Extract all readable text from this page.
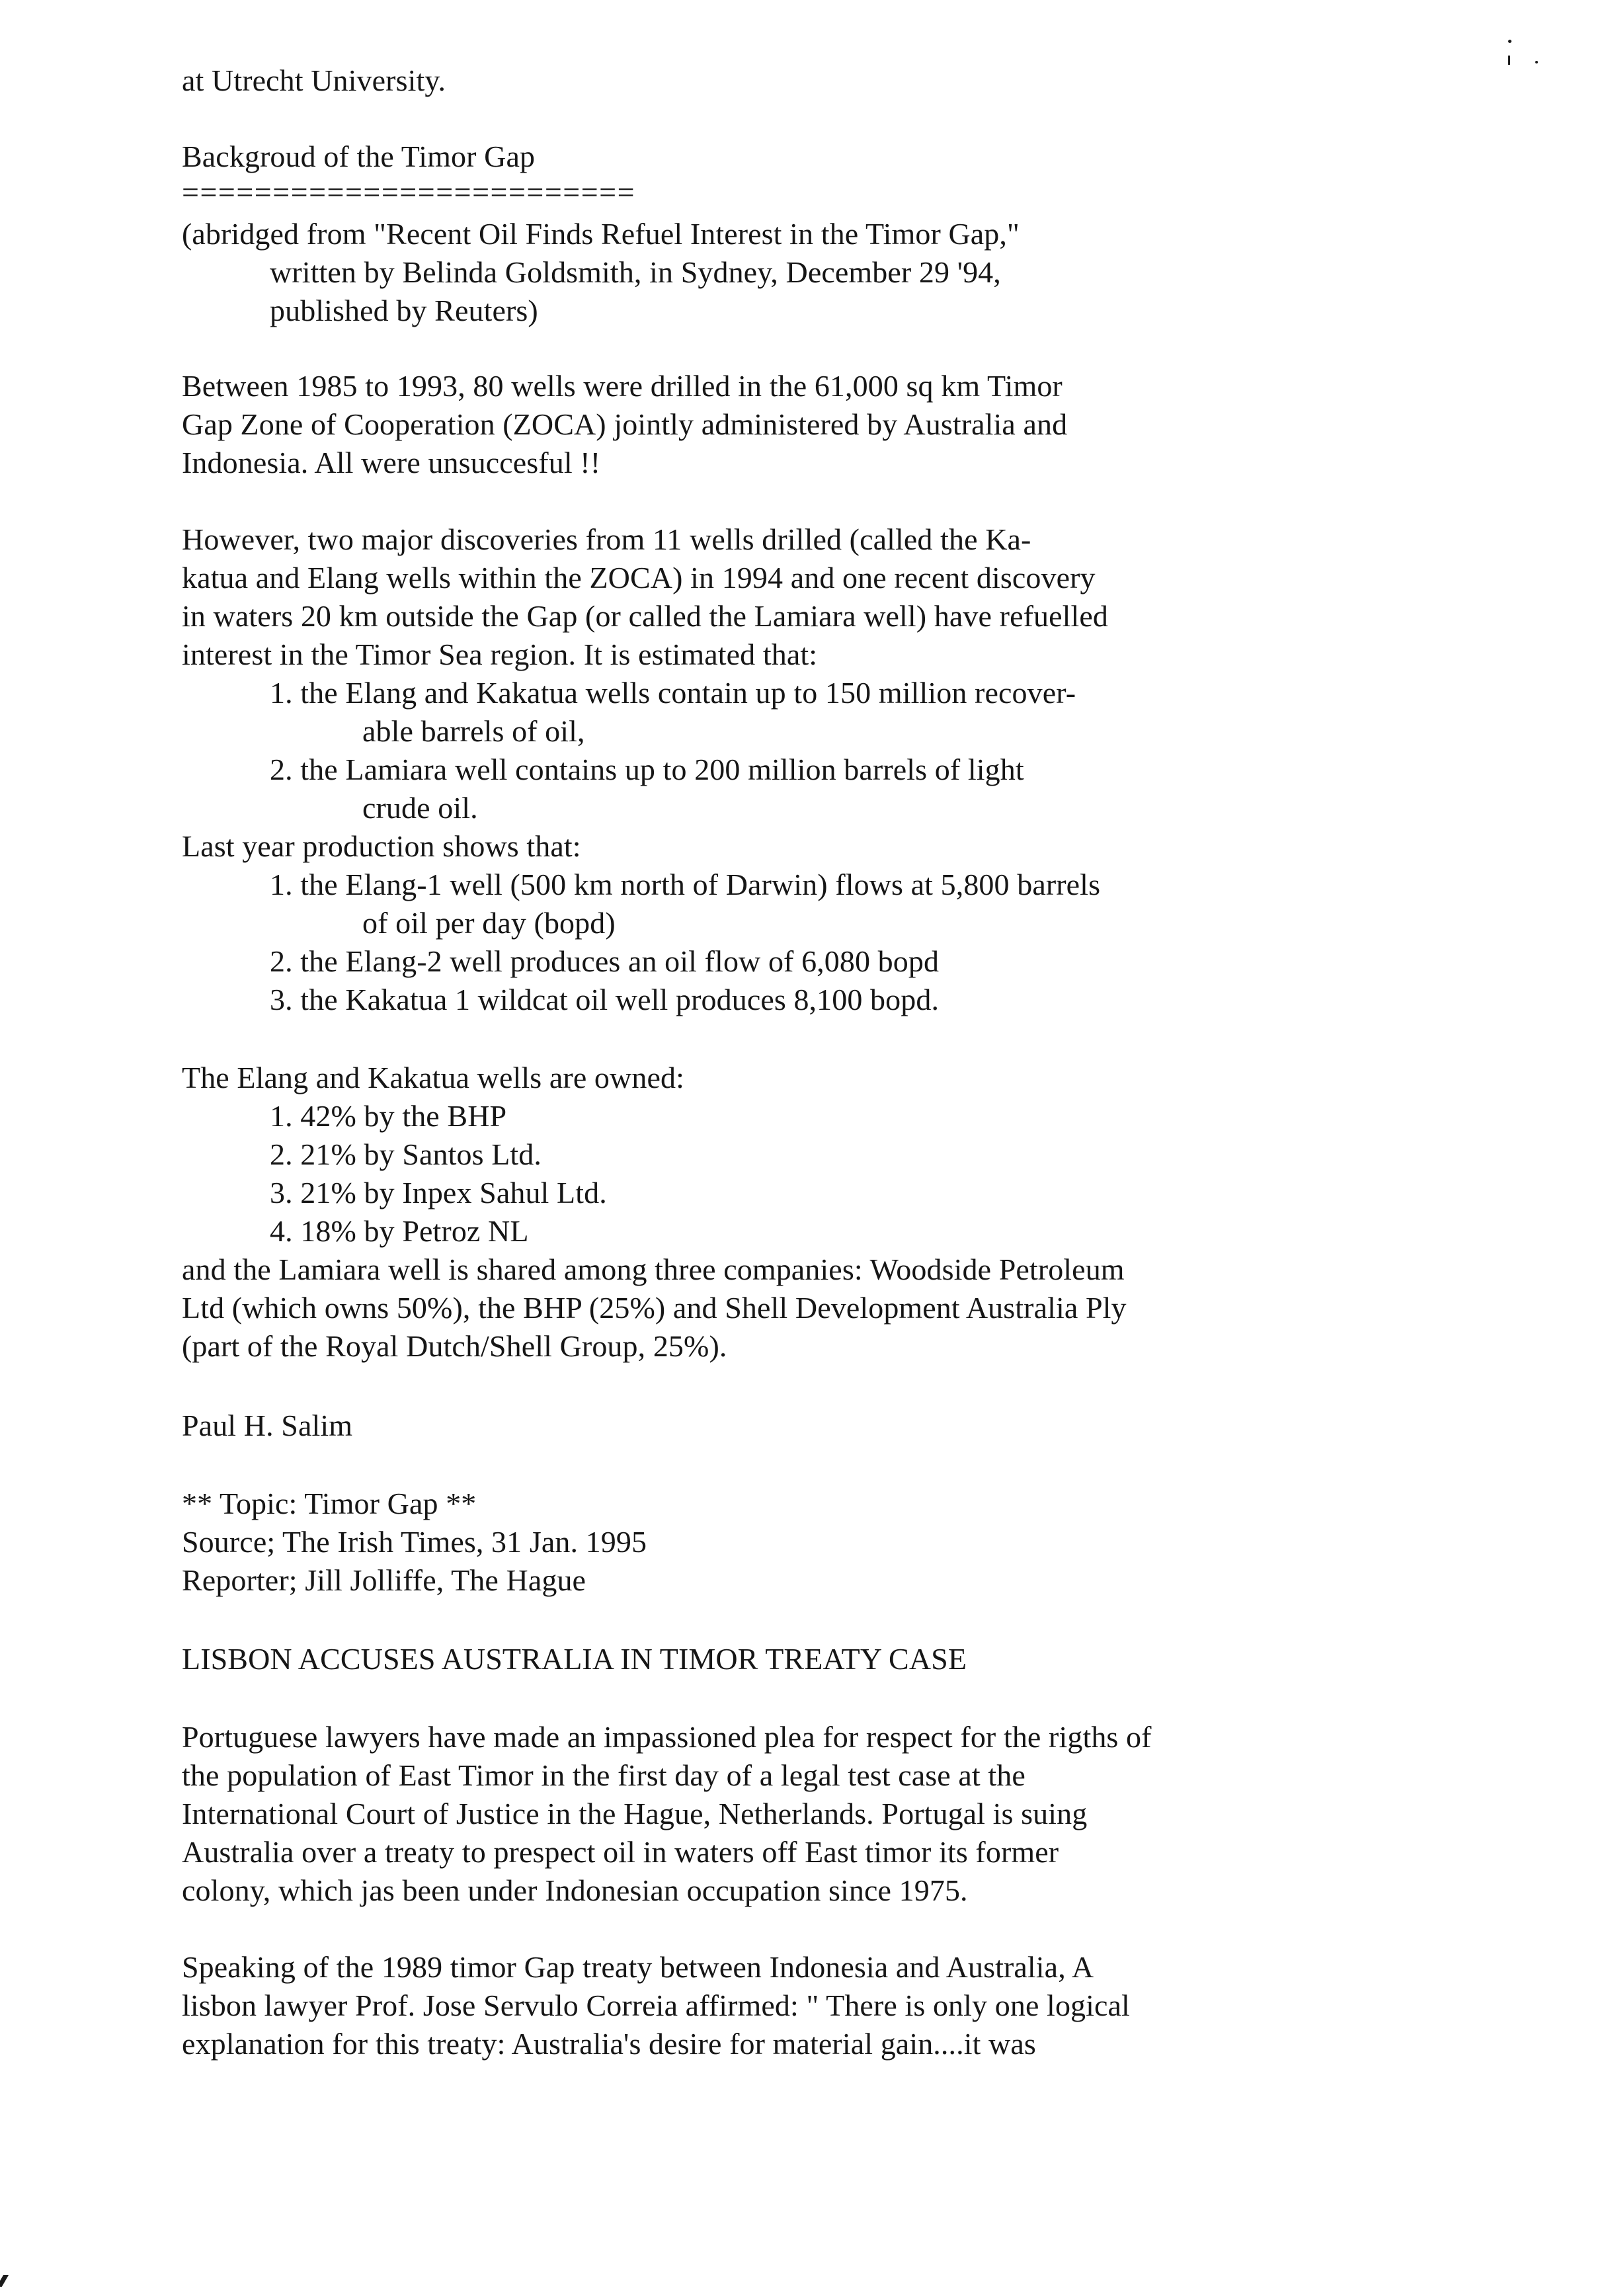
at Utrecht University.
Backgroud of the Timor Gap
=========================
(abridged from "Recent Oil Finds Refuel Interest in the Timor Gap,"
written by Belinda Goldsmith, in Sydney, December 29 '94,
published by Reuters)
Between 1985 to 1993, 80 wells were drilled in the 61,000 sq km Timor
Gap Zone of Cooperation (ZOCA) jointly administered by Australia and
Indonesia. All were unsuccesful !!
However, two major discoveries from 11 wells drilled (called the Ka-
katua and Elang wells within the ZOCA) in 1994 and one recent discovery
in waters 20 km outside the Gap (or called the Lamiara well) have refuelled
interest in the Timor Sea region. It is estimated that:
1. the Elang and Kakatua wells contain up to 150 million recover-
able barrels of oil,
2. the Lamiara well contains up to 200 million barrels of light
crude oil.
Last year production shows that:
1. the Elang-1 well (500 km north of Darwin) flows at 5,800 barrels
of oil per day (bopd)
2. the Elang-2 well produces an oil flow of 6,080 bopd
3. the Kakatua 1 wildcat oil well produces 8,100 bopd.
The Elang and Kakatua wells are owned:
1. 42% by the BHP
2. 21% by Santos Ltd.
3. 21% by Inpex Sahul Ltd.
4. 18% by Petroz NL
and the Lamiara well is shared among three companies: Woodside Petroleum
Ltd (which owns 50%), the BHP (25%) and Shell Development Australia Ply
(part of the Royal Dutch/Shell Group, 25%).
Paul H. Salim
** Topic: Timor Gap **
Source; The Irish Times, 31 Jan. 1995
Reporter; Jill Jolliffe, The Hague
LISBON ACCUSES AUSTRALIA IN TIMOR TREATY CASE
Portuguese lawyers have made an impassioned plea for respect for the rigths of
the population of East Timor in the first day of a legal test case at the
International Court of Justice in the Hague, Netherlands. Portugal is suing
Australia over a treaty to prespect oil in waters off East timor its former
colony, which jas been under Indonesian occupation since 1975.
Speaking of the 1989 timor Gap treaty between Indonesia and Australia, A
lisbon lawyer Prof. Jose Servulo Correia affirmed: " There is only one logical
explanation for this treaty: Australia's desire for material gain....it was
